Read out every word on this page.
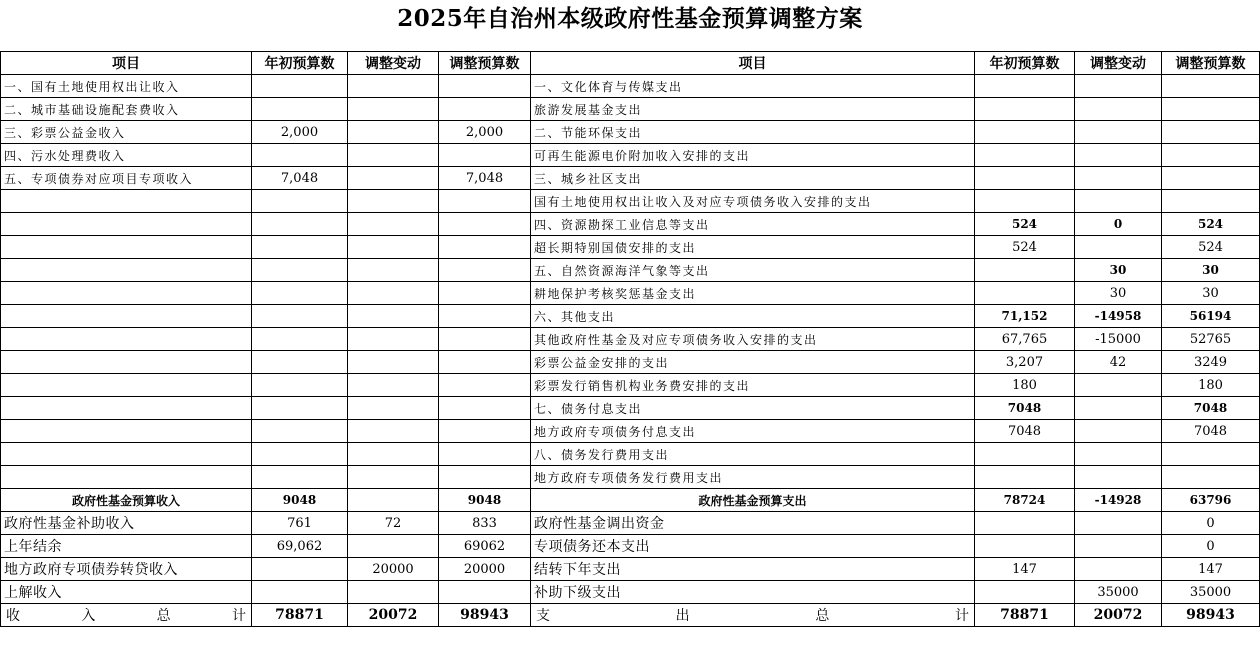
2025年自治州本级政府性基金预算调整方案
项目	年初预算数	调整变动	调整预算数	项目	年初预算数	调整变动	调整预算数
一、国有土地使用权出让收入				一、文化体育与传媒支出			
二、城市基础设施配套费收入				旅游发展基金支出			
三、彩票公益金收入	2,000		2,000	二、节能环保支出			
四、污水处理费收入				可再生能源电价附加收入安排的支出			
五、专项债券对应项目专项收入	7,048		7,048	三、城乡社区支出			
				国有土地使用权出让收入及对应专项债务收入安排的支出			
				四、资源勘探工业信息等支出	524	0	524
				超长期特别国债安排的支出	524		524
				五、自然资源海洋气象等支出		30	30
				耕地保护考核奖惩基金支出		30	30
				六、其他支出	71,152	-14958	56194
				其他政府性基金及对应专项债务收入安排的支出	67,765	-15000	52765
				彩票公益金安排的支出	3,207	42	3249
				彩票发行销售机构业务费安排的支出	180		180
				七、债务付息支出	7048		7048
				地方政府专项债务付息支出	7048		7048
				八、债务发行费用支出			
				地方政府专项债务发行费用支出			
政府性基金预算收入	9048		9048	政府性基金预算支出	78724	-14928	63796
政府性基金补助收入	761	72	833	政府性基金调出资金			0
上年结余	69,062		69062	专项债务还本支出			0
地方政府专项债券转贷收入		20000	20000	结转下年支出	147		147
上解收入				补助下级支出		35000	35000

收 入 总 计	78871	20072	98943	支 出 总 计	78871	20072	98943
